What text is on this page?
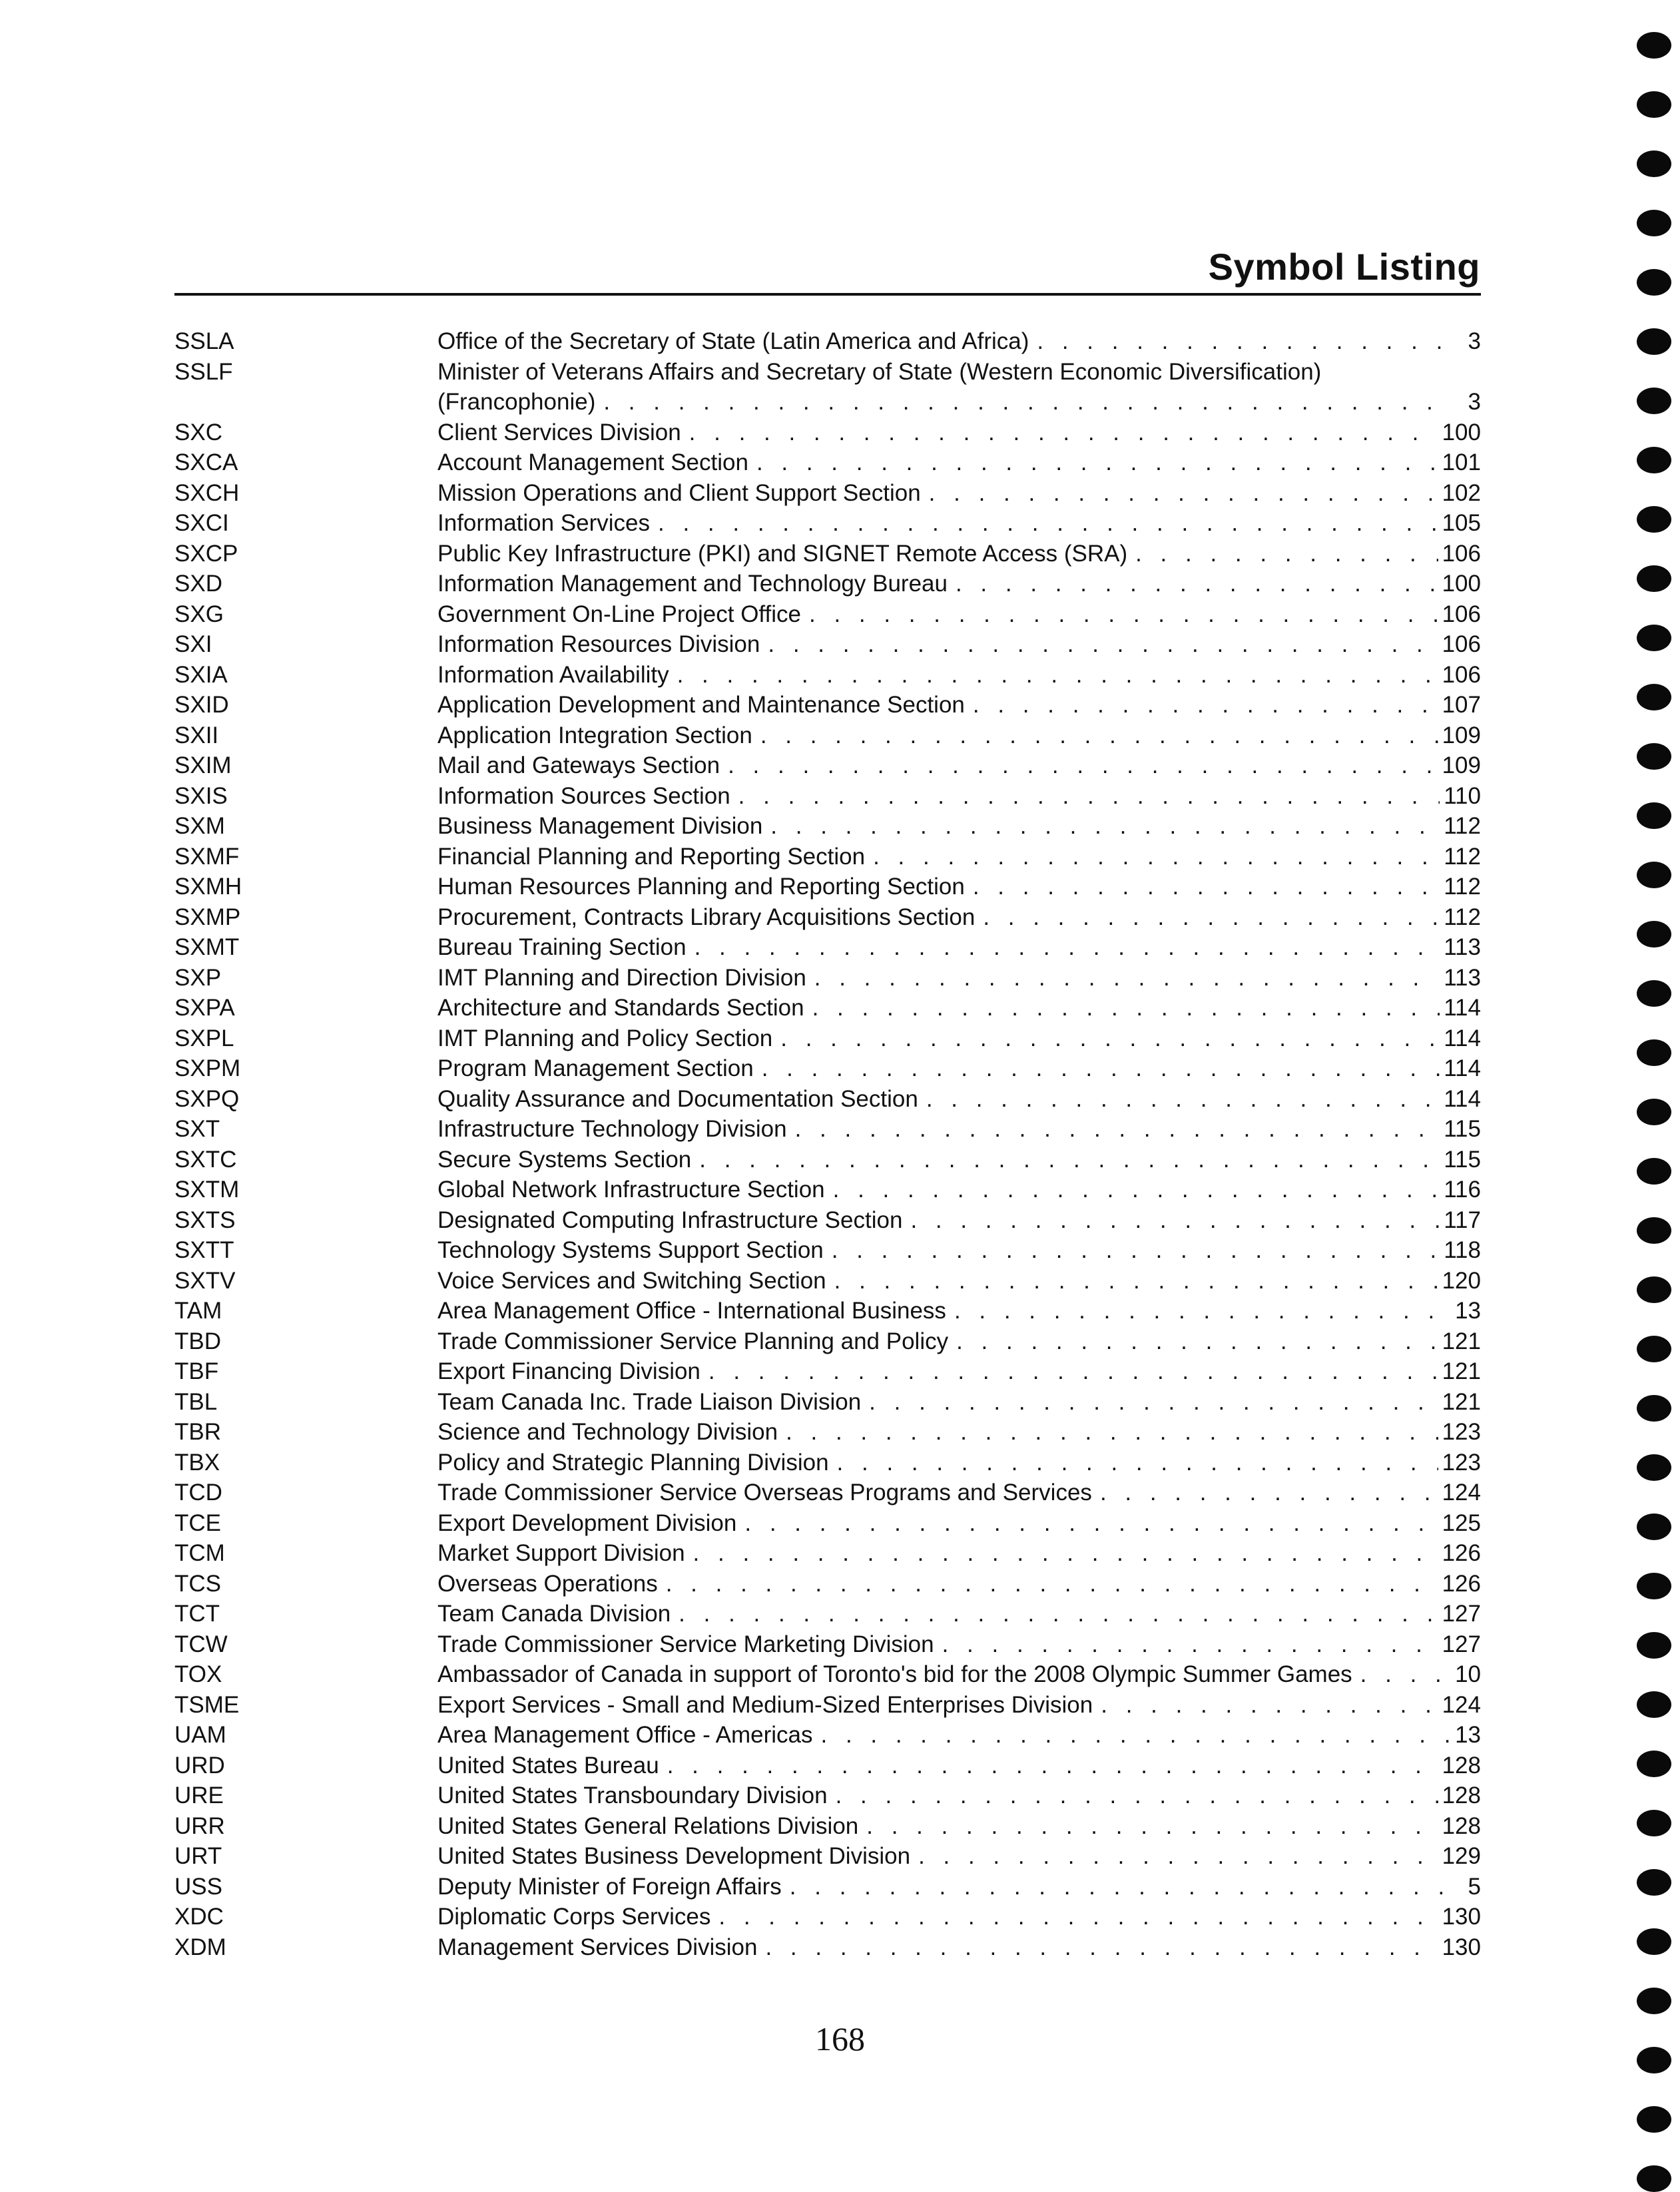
Symbol Listing
SSLA	Office of the Secretary of State (Latin America and Africa) . . .	3
SSLF	Minister of Veterans Affairs and Secretary of State (Western Economic Diversification)
(Francophonie) . . .	3
SXC	Client Services Division . . .	100
SXCA	Account Management Section . . .	101
SXCH	Mission Operations and Client Support Section . . .	102
SXCI	Information Services . . .	105
SXCP	Public Key Infrastructure (PKI) and SIGNET Remote Access (SRA) . . .	106
SXD	Information Management and Technology Bureau . . .	100
SXG	Government On-Line Project Office . . .	106
SXI	Information Resources Division . . .	106
SXIA	Information Availability . . .	106
SXID	Application Development and Maintenance Section . . .	107
SXII	Application Integration Section . . .	109
SXIM	Mail and Gateways Section . . .	109
SXIS	Information Sources Section . . .	110
SXM	Business Management Division . . .	112
SXMF	Financial Planning and Reporting Section . . .	112
SXMH	Human Resources Planning and Reporting Section . . .	112
SXMP	Procurement, Contracts Library Acquisitions Section . . .	112
SXMT	Bureau Training Section . . .	113
SXP	IMT Planning and Direction Division . . .	113
SXPA	Architecture and Standards Section . . .	114
SXPL	IMT Planning and Policy Section . . .	114
SXPM	Program Management Section . . .	114
SXPQ	Quality Assurance and Documentation Section . . .	114
SXT	Infrastructure Technology Division . . .	115
SXTC	Secure Systems Section . . .	115
SXTM	Global Network Infrastructure Section . . .	116
SXTS	Designated Computing Infrastructure Section . . .	117
SXTT	Technology Systems Support Section . . .	118
SXTV	Voice Services and Switching Section . . .	120
TAM	Area Management Office - International Business . . .	13
TBD	Trade Commissioner Service Planning and Policy . . .	121
TBF	Export Financing Division . . .	121
TBL	Team Canada Inc. Trade Liaison Division . . .	121
TBR	Science and Technology Division . . .	123
TBX	Policy and Strategic Planning Division . . .	123
TCD	Trade Commissioner Service Overseas Programs and Services . . .	124
TCE	Export Development Division . . .	125
TCM	Market Support Division . . .	126
TCS	Overseas Operations . . .	126
TCT	Team Canada Division . . .	127
TCW	Trade Commissioner Service Marketing Division . . .	127
TOX	Ambassador of Canada in support of Toronto's bid for the 2008 Olympic Summer Games . . .	10
TSME	Export Services - Small and Medium-Sized Enterprises Division . . .	124
UAM	Area Management Office - Americas . . .	13
URD	United States Bureau . . .	128
URE	United States Transboundary Division . . .	128
URR	United States General Relations Division . . .	128
URT	United States Business Development Division . . .	129
USS	Deputy Minister of Foreign Affairs . . .	5
XDC	Diplomatic Corps Services . . .	130
XDM	Management Services Division . . .	130
168
